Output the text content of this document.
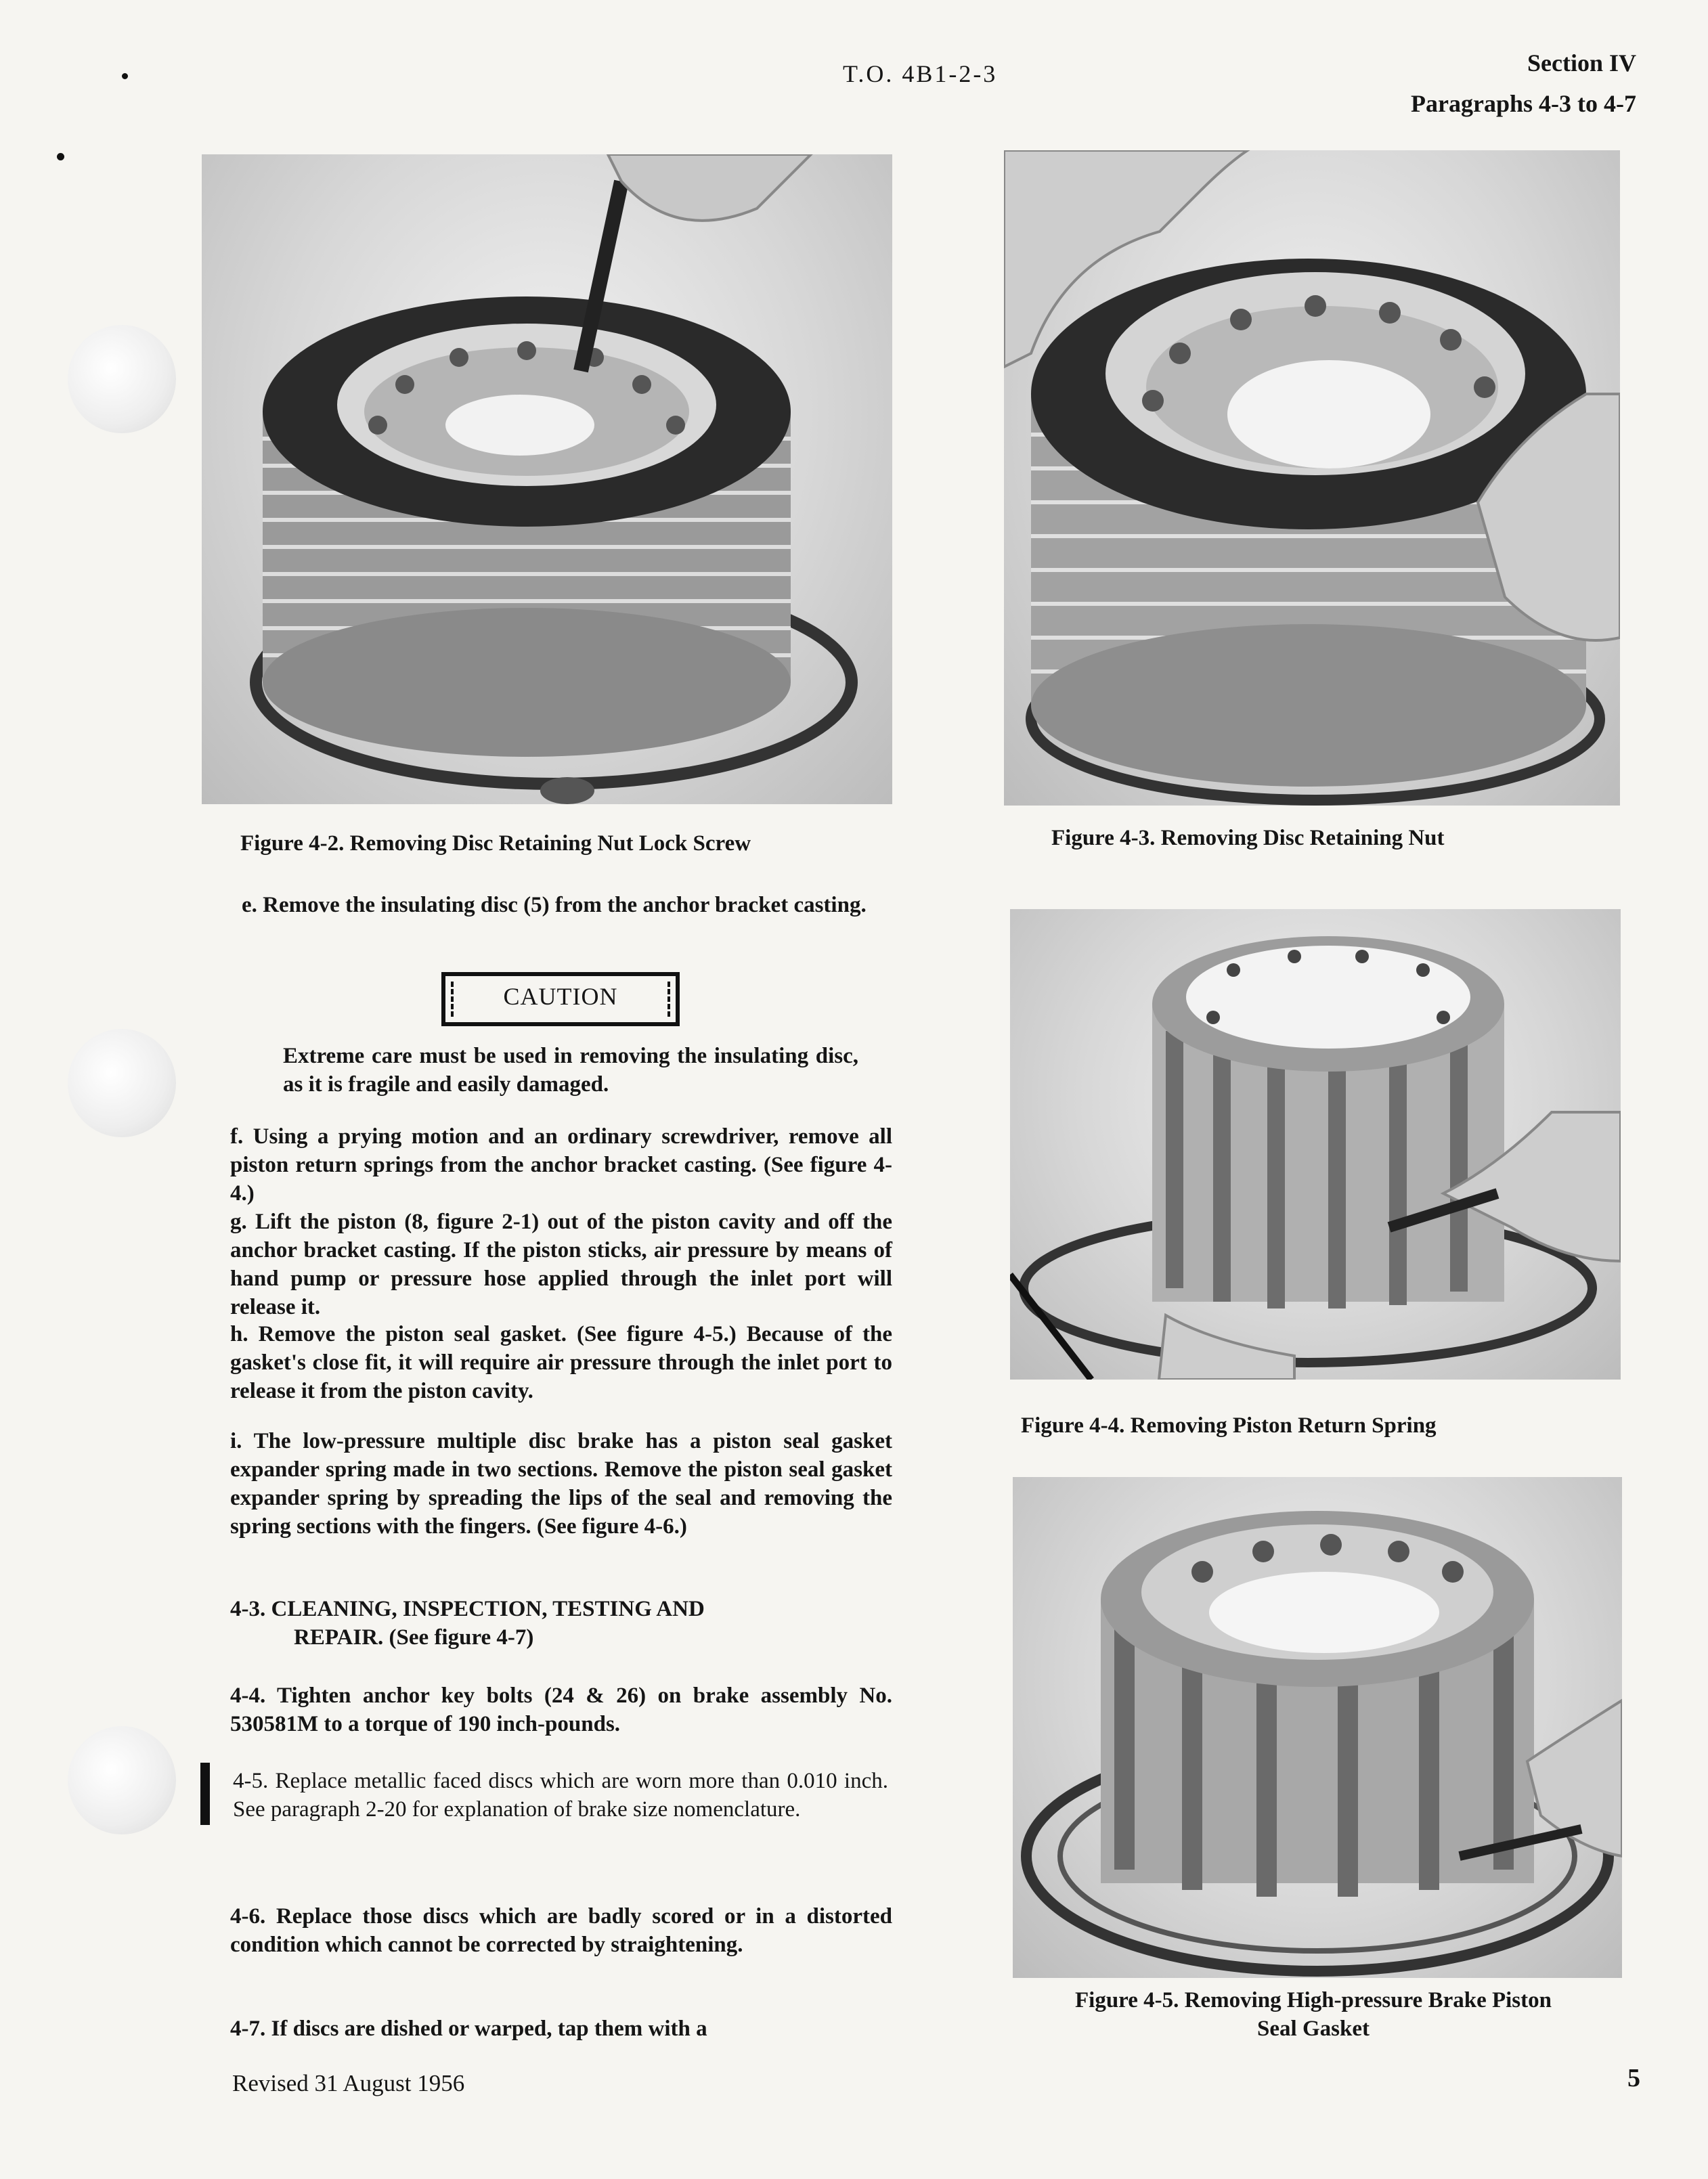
T.O. 4B1-2-3	Section IV
Paragraphs 4-3 to 4-7
Figure 4-2. Removing Disc Retaining Nut Lock Screw	Figure 4-3. Removing Disc Retaining Nut
Figure 4-4. Removing Piston Return Spring
Figure 4-5. Removing High-pressure Brake Piston
Seal Gasket
e. Remove the insulating disc (5) from the anchor bracket casting.
CAUTION
Extreme care must be used in removing the insulating disc, as it is fragile and easily damaged.
f. Using a prying motion and an ordinary screwdriver, remove all piston return springs from the anchor bracket casting. (See figure 4-4.)
g. Lift the piston (8, figure 2-1) out of the piston cavity and off the anchor bracket casting. If the piston sticks, air pressure by means of hand pump or pressure hose applied through the inlet port will release it.
h. Remove the piston seal gasket. (See figure 4-5.) Because of the gasket's close fit, it will require air pressure through the inlet port to release it from the piston cavity.
i. The low-pressure multiple disc brake has a piston seal gasket expander spring made in two sections. Remove the piston seal gasket expander spring by spreading the lips of the seal and removing the spring sections with the fingers. (See figure 4-6.)
4-3. CLEANING, INSPECTION, TESTING AND
REPAIR. (See figure 4-7)
4-4. Tighten anchor key bolts (24 & 26) on brake assembly No. 530581M to a torque of 190 inch-pounds.
4-5. Replace metallic faced discs which are worn more than 0.010 inch. See paragraph 2-20 for explanation of brake size nomenclature.
4-6. Replace those discs which are badly scored or in a distorted condition which cannot be corrected by straightening.
4-7. If discs are dished or warped, tap them with a
Revised 31 August 1956	5
